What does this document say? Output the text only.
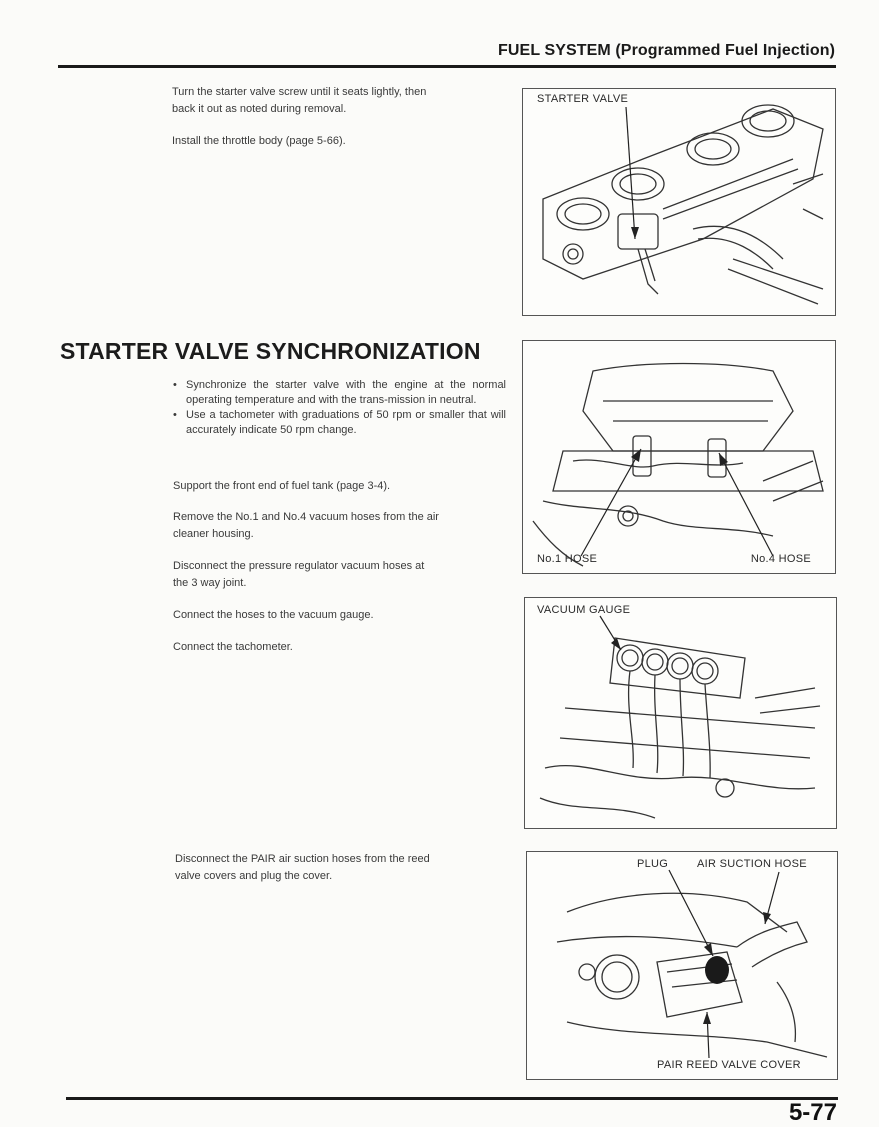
FUEL SYSTEM (Programmed Fuel Injection)

Turn the starter valve screw until it seats lightly, then
back it out as noted during removal.

Install the throttle body (page 5-66).

STARTER VALVE
STARTER VALVE SYNCHRONIZATION
• Synchronize the starter valve with the engine at the normal operating temperature and with the trans-mission in neutral.
• Use a tachometer with graduations of 50 rpm or smaller that will accurately indicate 50 rpm change.

Support the front end of fuel tank (page 3-4).

Remove the No.1 and No.4 vacuum hoses from the air
cleaner housing.

Disconnect the pressure regulator vacuum hoses at
the 3 way joint.

Connect the hoses to the vacuum gauge.

Connect the tachometer.

No.1 HOSE	No.4 HOSE
VACUUM GAUGE

Disconnect the PAIR air suction hoses from the reed
valve covers and plug the cover.

PLUG	AIR SUCTION HOSE
PAIR REED VALVE COVER
5-77
